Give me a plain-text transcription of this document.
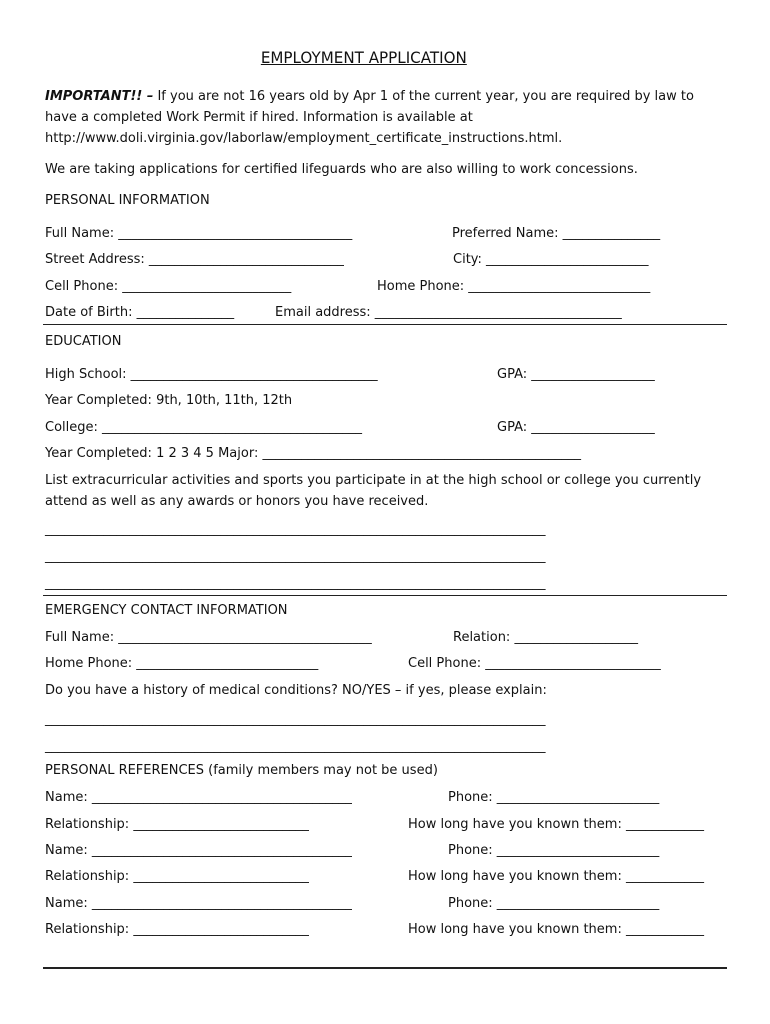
EMPLOYMENT APPLICATION
IMPORTANT!! – If you are not 16 years old by Apr 1 of the current year, you are required by law to have a completed Work Permit if hired. Information is available at http://www.doli.virginia.gov/laborlaw/employment_certificate_instructions.html.
We are taking applications for certified lifeguards who are also willing to work concessions.
PERSONAL INFORMATION
Full Name: ____________________________________	Preferred Name: _______________
Street Address: ______________________________	City: _________________________
Cell Phone: __________________________	Home Phone: ____________________________
Date of Birth: _______________	Email address: ______________________________________
EDUCATION
High School: ______________________________________	GPA: ___________________
Year Completed: 9th, 10th, 11th, 12th
College: ________________________________________	GPA: ___________________
Year Completed: 1 2 3 4 5 Major: _________________________________________________
List extracurricular activities and sports you participate in at the high school or college you currently attend as well as any awards or honors you have received.
_____________________________________________________________________________
_____________________________________________________________________________
_____________________________________________________________________________
EMERGENCY CONTACT INFORMATION
Full Name: _______________________________________	Relation: ___________________
Home Phone: ____________________________	Cell Phone: ___________________________
Do you have a history of medical conditions? NO/YES – if yes, please explain:
_____________________________________________________________________________
_____________________________________________________________________________
PERSONAL REFERENCES (family members may not be used)
Name: ________________________________________	Phone: _________________________
Relationship: ___________________________	How long have you known them: ____________
Name: ________________________________________	Phone: _________________________
Relationship: ___________________________	How long have you known them: ____________
Name: ________________________________________	Phone: _________________________
Relationship: ___________________________	How long have you known them: ____________
